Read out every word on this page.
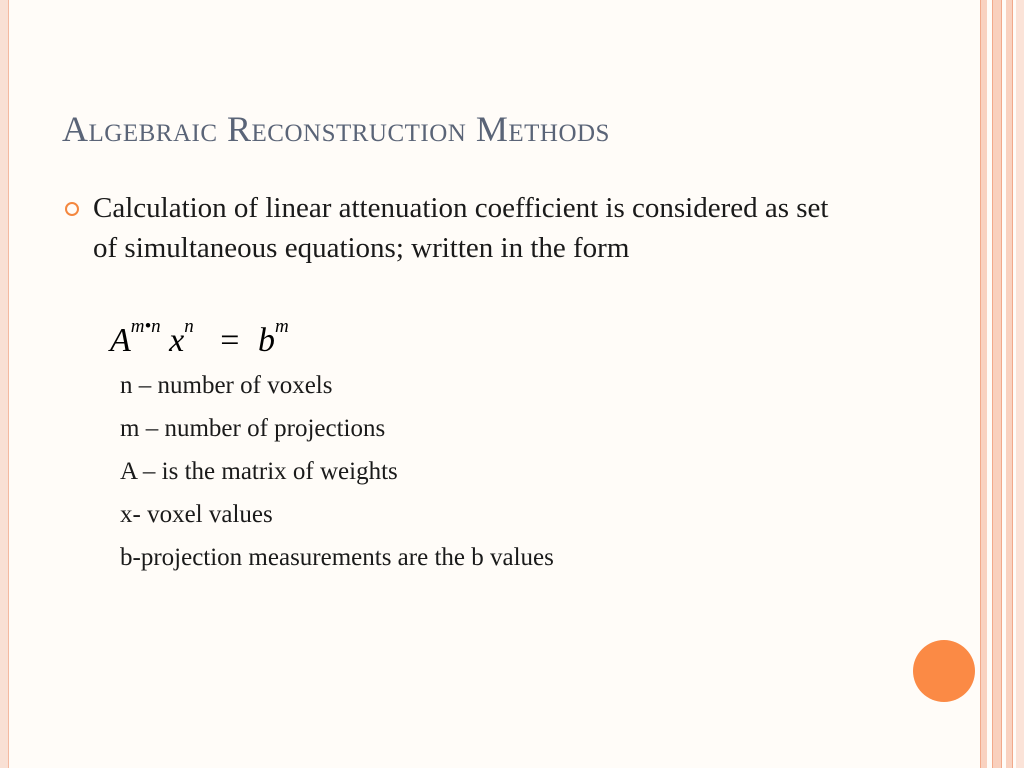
Algebraic Reconstruction Methods
Calculation of linear attenuation coefficient is considered as set of simultaneous equations; written in the form
$A^{m•n}$ $x^n = b^m$
n – number of voxels
m – number of projections
A – is the matrix of weights
x- voxel values
b-projection measurements are the b values
